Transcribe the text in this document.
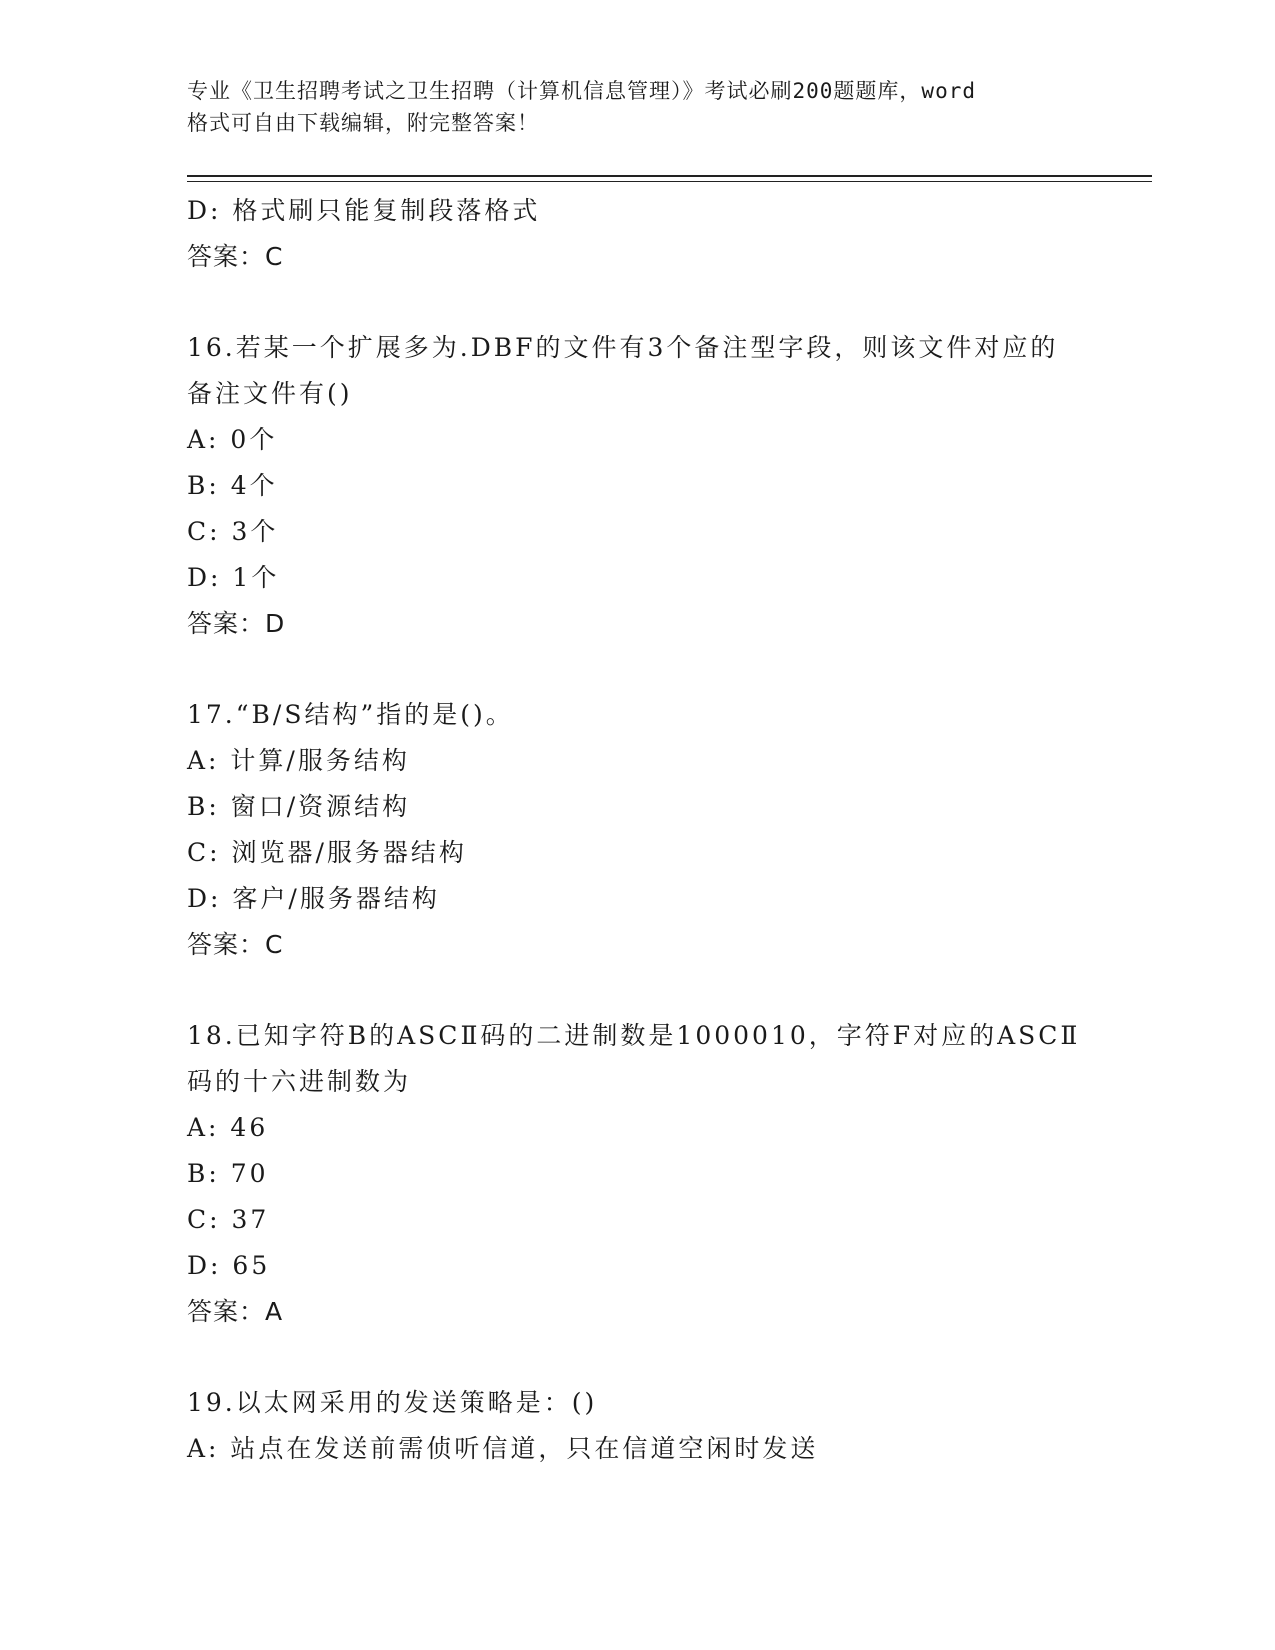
专业《卫生招聘考试之卫生招聘（计算机信息管理）》考试必刷200题题库，word
格式可自由下载编辑，附完整答案！
D: 格式刷只能复制段落格式
答案：C
16.若某一个扩展多为.DBF的文件有3个备注型字段，则该文件对应的
备注文件有()
A: 0个
B: 4个
C: 3个
D: 1个
答案：D
17.“B/S结构”指的是()。
A: 计算/服务结构
B: 窗口/资源结构
C: 浏览器/服务器结构
D: 客户/服务器结构
答案：C
18.已知字符B的ASCⅡ码的二进制数是1000010，字符F对应的ASCⅡ
码的十六进制数为
A: 46
B: 70
C: 37
D: 65
答案：A
19.以太网采用的发送策略是：()
A: 站点在发送前需侦听信道，只在信道空闲时发送
